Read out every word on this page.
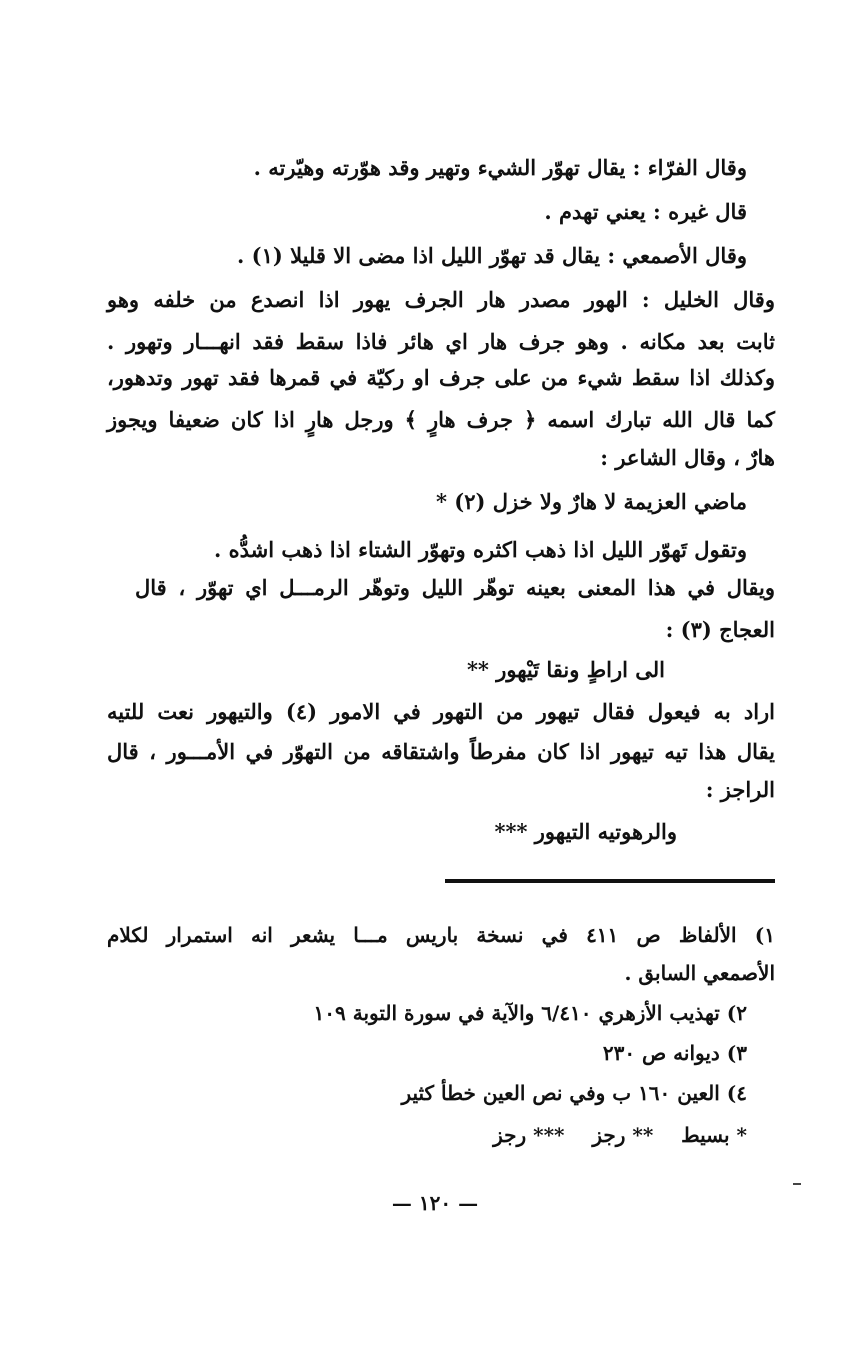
وقال الفرّاء : يقال تهوّر الشيء وتهير وقد هوّرته وهيّرته .
قال غيره : يعني تهدم .
وقال الأصمعي : يقال قد تهوّر الليل اذا مضى الا قليلا (١) .
وقال الخليل : الهور مصدر هار الجرف يهور اذا انصدع من خلفه وهو
ثابت بعد مكانه . وهو جرف هار اي هائر فاذا سقط فقد انهـــار وتهور .
وكذلك اذا سقط شيء من على جرف او ركيّة في قمرها فقد تهور وتدهور،
كما قال الله تبارك اسمه ﴿ جرف هارٍ ﴾ ورجل هارٍ اذا كان ضعيفا ويجوز
هارٌ ، وقال الشاعر :
ماضي العزيمة لا هارٌ ولا خزل (٢) *
وتقول تَهوّر الليل اذا ذهب اكثره وتهوّر الشتاء اذا ذهب اشدُّه .
ويقال في هذا المعنى بعينه توهّر الليل وتوهّر الرمـــل اي تهوّر ، قال
العجاج (٣) :
الى اراطٍ ونقا تَيْهور **
اراد به فيعول فقال تيهور من التهور في الامور (٤) والتيهور نعت للتيه
يقال هذا تيه تيهور اذا كان مفرطاً واشتقاقه من التهوّر في الأمـــور ، قال
الراجز :
والرهوتيه التيهور ***
١) الألفاظ ص ٤١١ في نسخة باريس مـــا يشعر انه استمرار لكلام
الأصمعي السابق .
٢) تهذيب الأزهري ٦/٤١٠ والآية في سورة التوبة ١٠٩
٣) ديوانه ص ٢٣٠
٤) العين ١٦٠ ب وفي نص العين خطأ كثير
* بسيط    ** رجز    *** رجز
— ١٢٠ —
